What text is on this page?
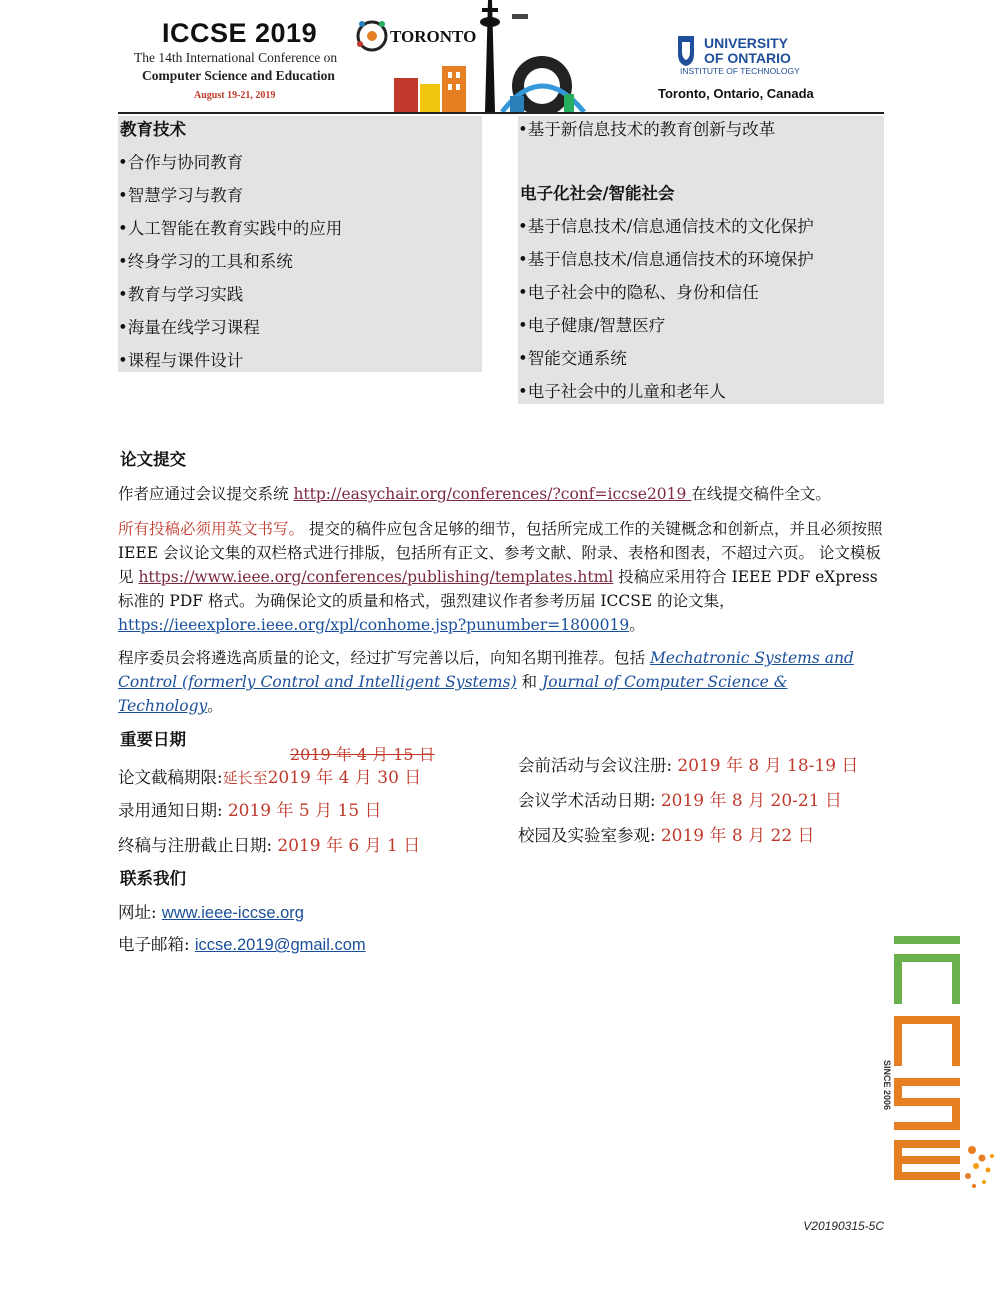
ICCSE 2019
The 14th International Conference on
Computer Science and Education
August 19-21, 2019
TORONTO	UNIVERSITY
OF ONTARIO
INSTITUTE OF TECHNOLOGY
Toronto, Ontario, Canada
教育技术
•合作与协同教育
•智慧学习与教育
•人工智能在教育实践中的应用
•终身学习的工具和系统
•教育与学习实践
•海量在线学习课程
•课程与课件设计
•基于新信息技术的教育创新与改革
电子化社会/智能社会
•基于信息技术/信息通信技术的文化保护
•基于信息技术/信息通信技术的环境保护
•电子社会中的隐私、身份和信任
•电子健康/智慧医疗
•智能交通系统
•电子社会中的儿童和老年人
论文提交
作者应通过会议提交系统 http://easychair.org/conferences/?conf=iccse2019 在线提交稿件全文。
所有投稿必须用英文书写。 提交的稿件应包含足够的细节，包括所完成工作的关键概念和创新点，并且必须按照 IEEE 会议论文集的双栏格式进行排版，包括所有正文、参考文献、附录、表格和图表，不超过六页。 论文模板见 https://www.ieee.org/conferences/publishing/templates.html 投稿应采用符合 IEEE PDF eXpress 标准的 PDF 格式。为确保论文的质量和格式，强烈建议作者参考历届 ICCSE 的论文集，https://ieeexplore.ieee.org/xpl/conhome.jsp?punumber=1800019。
程序委员会将遴选高质量的论文，经过扩写完善以后，向知名期刊推荐。包括 Mechatronic Systems and Control (formerly Control and Intelligent Systems) 和 Journal of Computer Science & Technology。
重要日期
2019 年 4 月 15 日
论文截稿期限:延长至2019 年 4 月 30 日
录用通知日期: 2019 年 5 月 15 日
终稿与注册截止日期: 2019 年 6 月 1 日
会前活动与会议注册: 2019 年 8 月 18-19 日
会议学术活动日期: 2019 年 8 月 20-21 日
校园及实验室参观: 2019 年 8 月 22 日
联系我们
网址: www.ieee-iccse.org
电子邮箱: iccse.2019@gmail.com
SINCE 2006
V20190315-5C
